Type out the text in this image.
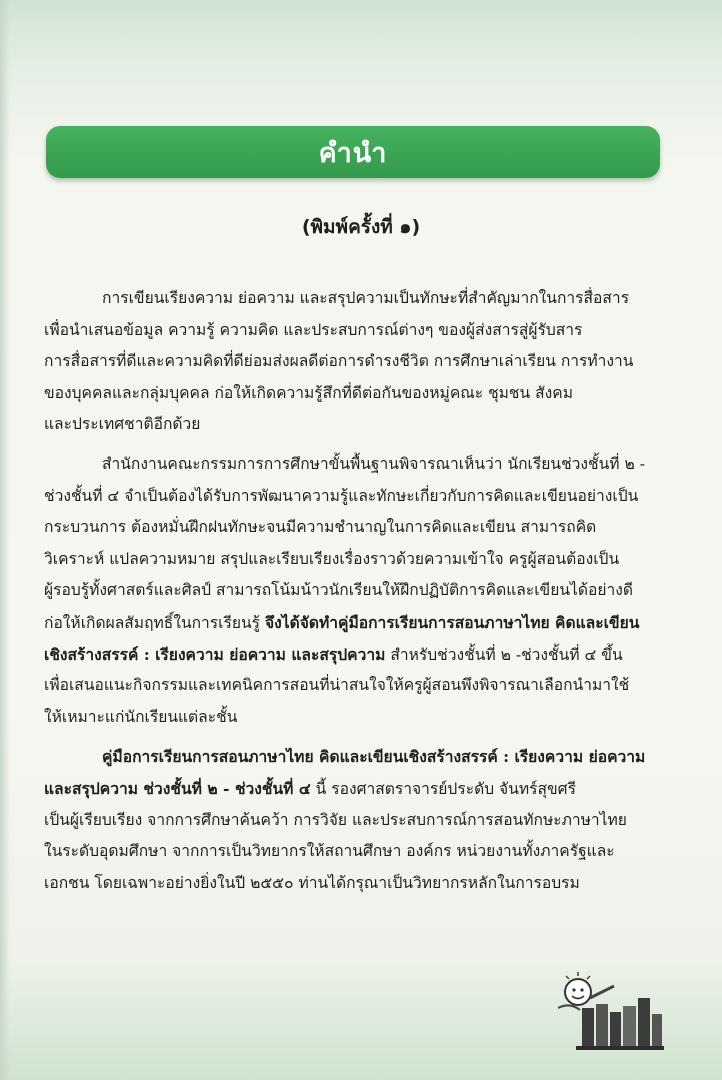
คำนำ
(พิมพ์ครั้งที่ ๑)
การเขียนเรียงความ ย่อความ และสรุปความเป็นทักษะที่สำคัญมากในการสื่อสาร
เพื่อนำเสนอข้อมูล ความรู้ ความคิด และประสบการณ์ต่างๆ ของผู้ส่งสารสู่ผู้รับสาร
การสื่อสารที่ดีและความคิดที่ดีย่อมส่งผลดีต่อการดำรงชีวิต การศึกษาเล่าเรียน การทำงาน
ของบุคคลและกลุ่มบุคคล ก่อให้เกิดความรู้สึกที่ดีต่อกันของหมู่คณะ ชุมชน สังคม
และประเทศชาติอีกด้วย
สำนักงานคณะกรรมการการศึกษาขั้นพื้นฐานพิจารณาเห็นว่า นักเรียนช่วงชั้นที่ ๒ -
ช่วงชั้นที่ ๔ จำเป็นต้องได้รับการพัฒนาความรู้และทักษะเกี่ยวกับการคิดและเขียนอย่างเป็น
กระบวนการ ต้องหมั่นฝึกฝนทักษะจนมีความชำนาญในการคิดและเขียน สามารถคิด
วิเคราะห์ แปลความหมาย สรุปและเรียบเรียงเรื่องราวด้วยความเข้าใจ ครูผู้สอนต้องเป็น
ผู้รอบรู้ทั้งศาสตร์และศิลป์ สามารถโน้มน้าวนักเรียนให้ฝึกปฏิบัติการคิดและเขียนได้อย่างดี
ก่อให้เกิดผลสัมฤทธิ์ในการเรียนรู้ จึงได้จัดทำคู่มือการเรียนการสอนภาษาไทย คิดและเขียน
เชิงสร้างสรรค์ : เรียงความ ย่อความ และสรุปความ สำหรับช่วงชั้นที่ ๒ -ช่วงชั้นที่ ๔ ขึ้น
เพื่อเสนอแนะกิจกรรมและเทคนิคการสอนที่น่าสนใจให้ครูผู้สอนพึงพิจารณาเลือกนำมาใช้
ให้เหมาะแก่นักเรียนแต่ละชั้น
คู่มือการเรียนการสอนภาษาไทย คิดและเขียนเชิงสร้างสรรค์ : เรียงความ ย่อความ
และสรุปความ ช่วงชั้นที่ ๒ - ช่วงชั้นที่ ๔ นี้ รองศาสตราจารย์ประดับ จันทร์สุขศรี
เป็นผู้เรียบเรียง จากการศึกษาค้นคว้า การวิจัย และประสบการณ์การสอนทักษะภาษาไทย
ในระดับอุดมศึกษา จากการเป็นวิทยากรให้สถานศึกษา องค์กร หน่วยงานทั้งภาครัฐและ
เอกชน โดยเฉพาะอย่างยิ่งในปี ๒๕๕๐ ท่านได้กรุณาเป็นวิทยากรหลักในการอบรม
